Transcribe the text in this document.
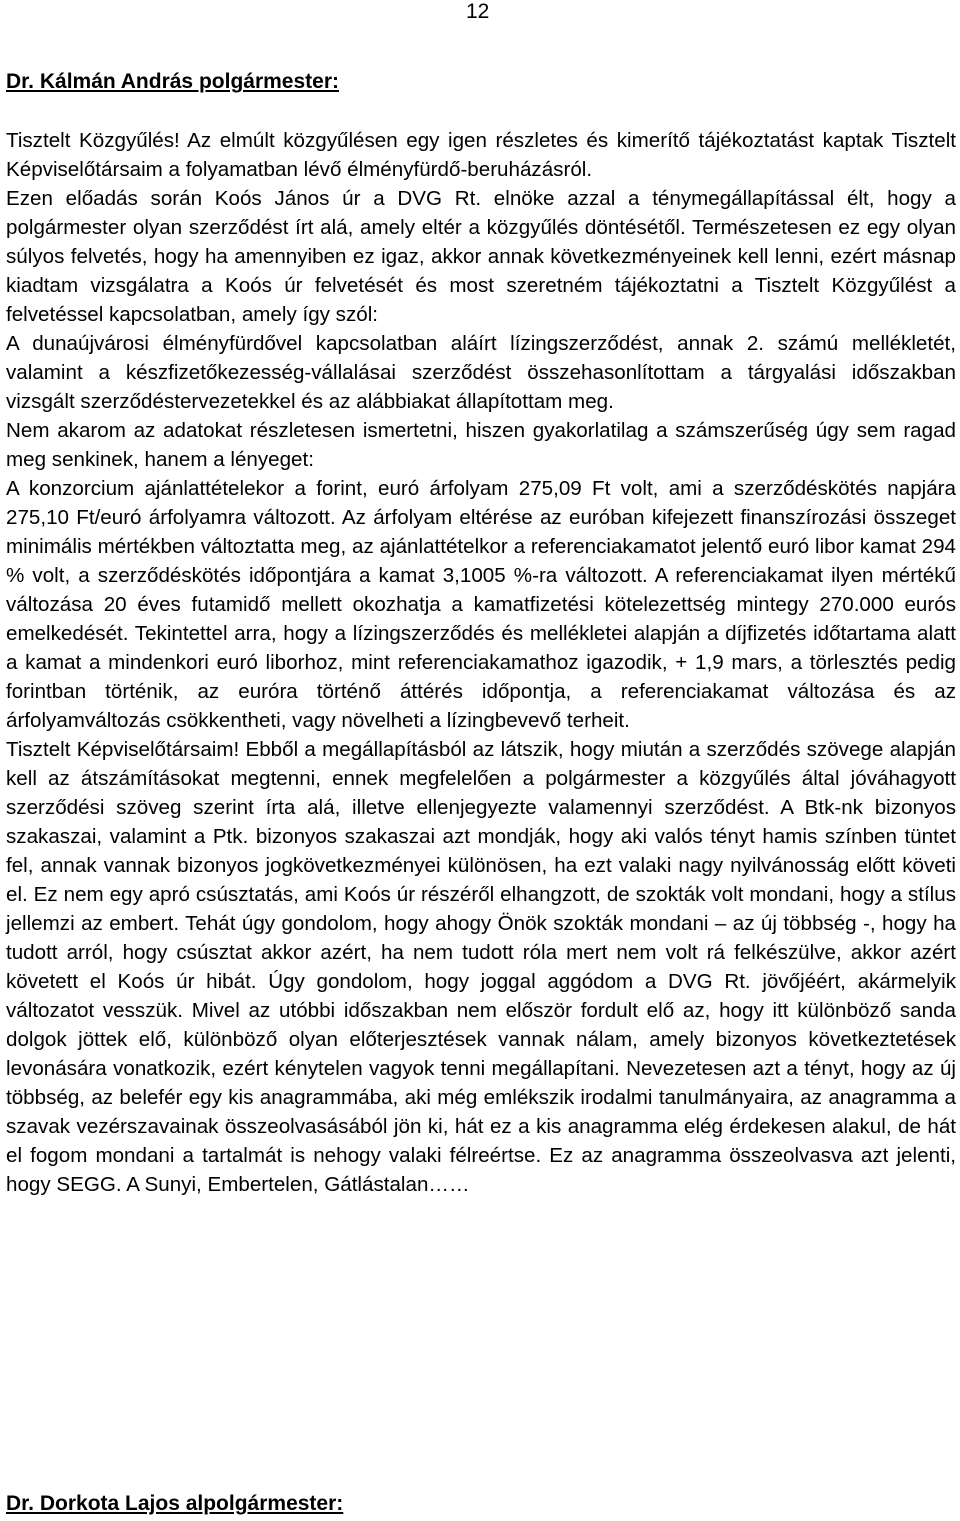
12
Dr. Kálmán András polgármester:

Tisztelt Közgyűlés! Az elmúlt közgyűlésen egy igen részletes és kimerítő tájékoztatást kaptak Tisztelt Képviselőtársaim a folyamatban lévő élményfürdő-beruházásról.

Ezen előadás során Koós János úr a DVG Rt. elnöke azzal a ténymegállapítással élt, hogy a polgármester olyan szerződést írt alá, amely eltér a közgyűlés döntésétől. Természetesen ez egy olyan súlyos felvetés, hogy ha amennyiben ez igaz, akkor annak következményeinek kell lenni, ezért másnap kiadtam vizsgálatra a Koós úr felvetését és most szeretném tájékoztatni a Tisztelt Közgyűlést a felvetéssel kapcsolatban, amely így szól:

A dunaújvárosi élményfürdővel kapcsolatban aláírt lízingszerződést, annak 2. számú mellékletét, valamint a készfizetőkezesség-vállalásai szerződést összehasonlítottam a tárgyalási időszakban vizsgált szerződéstervezetekkel és az alábbiakat állapítottam meg.

Nem akarom az adatokat részletesen ismertetni, hiszen gyakorlatilag a számszerűség úgy sem ragad meg senkinek, hanem a lényeget:

A konzorcium ajánlattételekor a forint, euró árfolyam 275,09 Ft volt, ami a szerződéskötés napjára 275,10 Ft/euró árfolyamra változott. Az árfolyam eltérése az euróban kifejezett finanszírozási összeget minimális mértékben változtatta meg, az ajánlattételkor a referenciakamatot jelentő euró libor kamat 294 % volt, a szerződéskötés időpontjára a kamat 3,1005 %-ra változott. A referenciakamat ilyen mértékű változása 20 éves futamidő mellett okozhatja a kamatfizetési kötelezettség mintegy 270.000 eurós emelkedését. Tekintettel arra, hogy a lízingszerződés és mellékletei alapján a díjfizetés időtartama alatt a kamat a mindenkori euró liborhoz, mint referenciakamathoz igazodik, + 1,9 mars, a törlesztés pedig forintban történik, az euróra történő áttérés időpontja, a referenciakamat változása és az árfolyamváltozás csökkentheti, vagy növelheti a lízingbevevő terheit.

Tisztelt Képviselőtársaim! Ebből a megállapításból az látszik, hogy miután a szerződés szövege alapján kell az átszámításokat megtenni, ennek megfelelően a polgármester a közgyűlés által jóváhagyott szerződési szöveg szerint írta alá, illetve ellenjegyezte valamennyi szerződést. A Btk-nk bizonyos szakaszai, valamint a Ptk. bizonyos szakaszai azt mondják, hogy aki valós tényt hamis színben tüntet fel, annak vannak bizonyos jogkövetkezményei különösen, ha ezt valaki nagy nyilvánosság előtt követi el. Ez nem egy apró csúsztatás, ami Koós úr részéről elhangzott, de szokták volt mondani, hogy a stílus jellemzi az embert. Tehát úgy gondolom, hogy ahogy Önök szokták mondani – az új többség -, hogy ha tudott arról, hogy csúsztat akkor azért, ha nem tudott róla mert nem volt rá felkészülve, akkor azért követett el Koós úr hibát. Úgy gondolom, hogy joggal aggódom a DVG Rt. jövőjéért, akármelyik változatot vesszük. Mivel az utóbbi időszakban nem először fordult elő az, hogy itt különböző sanda dolgok jöttek elő, különböző olyan előterjesztések vannak nálam, amely bizonyos következtetések levonására vonatkozik, ezért kénytelen vagyok tenni megállapítani. Nevezetesen azt a tényt, hogy az új többség, az belefér egy kis anagrammába, aki még emlékszik irodalmi tanulmányaira, az anagramma a szavak vezérszavainak összeolvasásából jön ki, hát ez a kis anagramma elég érdekesen alakul, de hát el fogom mondani a tartalmát is nehogy valaki félreértse. Ez az anagramma összeolvasva azt jelenti, hogy SEGG. A Sunyi, Embertelen, Gátlástalan……

Dr. Dorkota Lajos alpolgármester:
